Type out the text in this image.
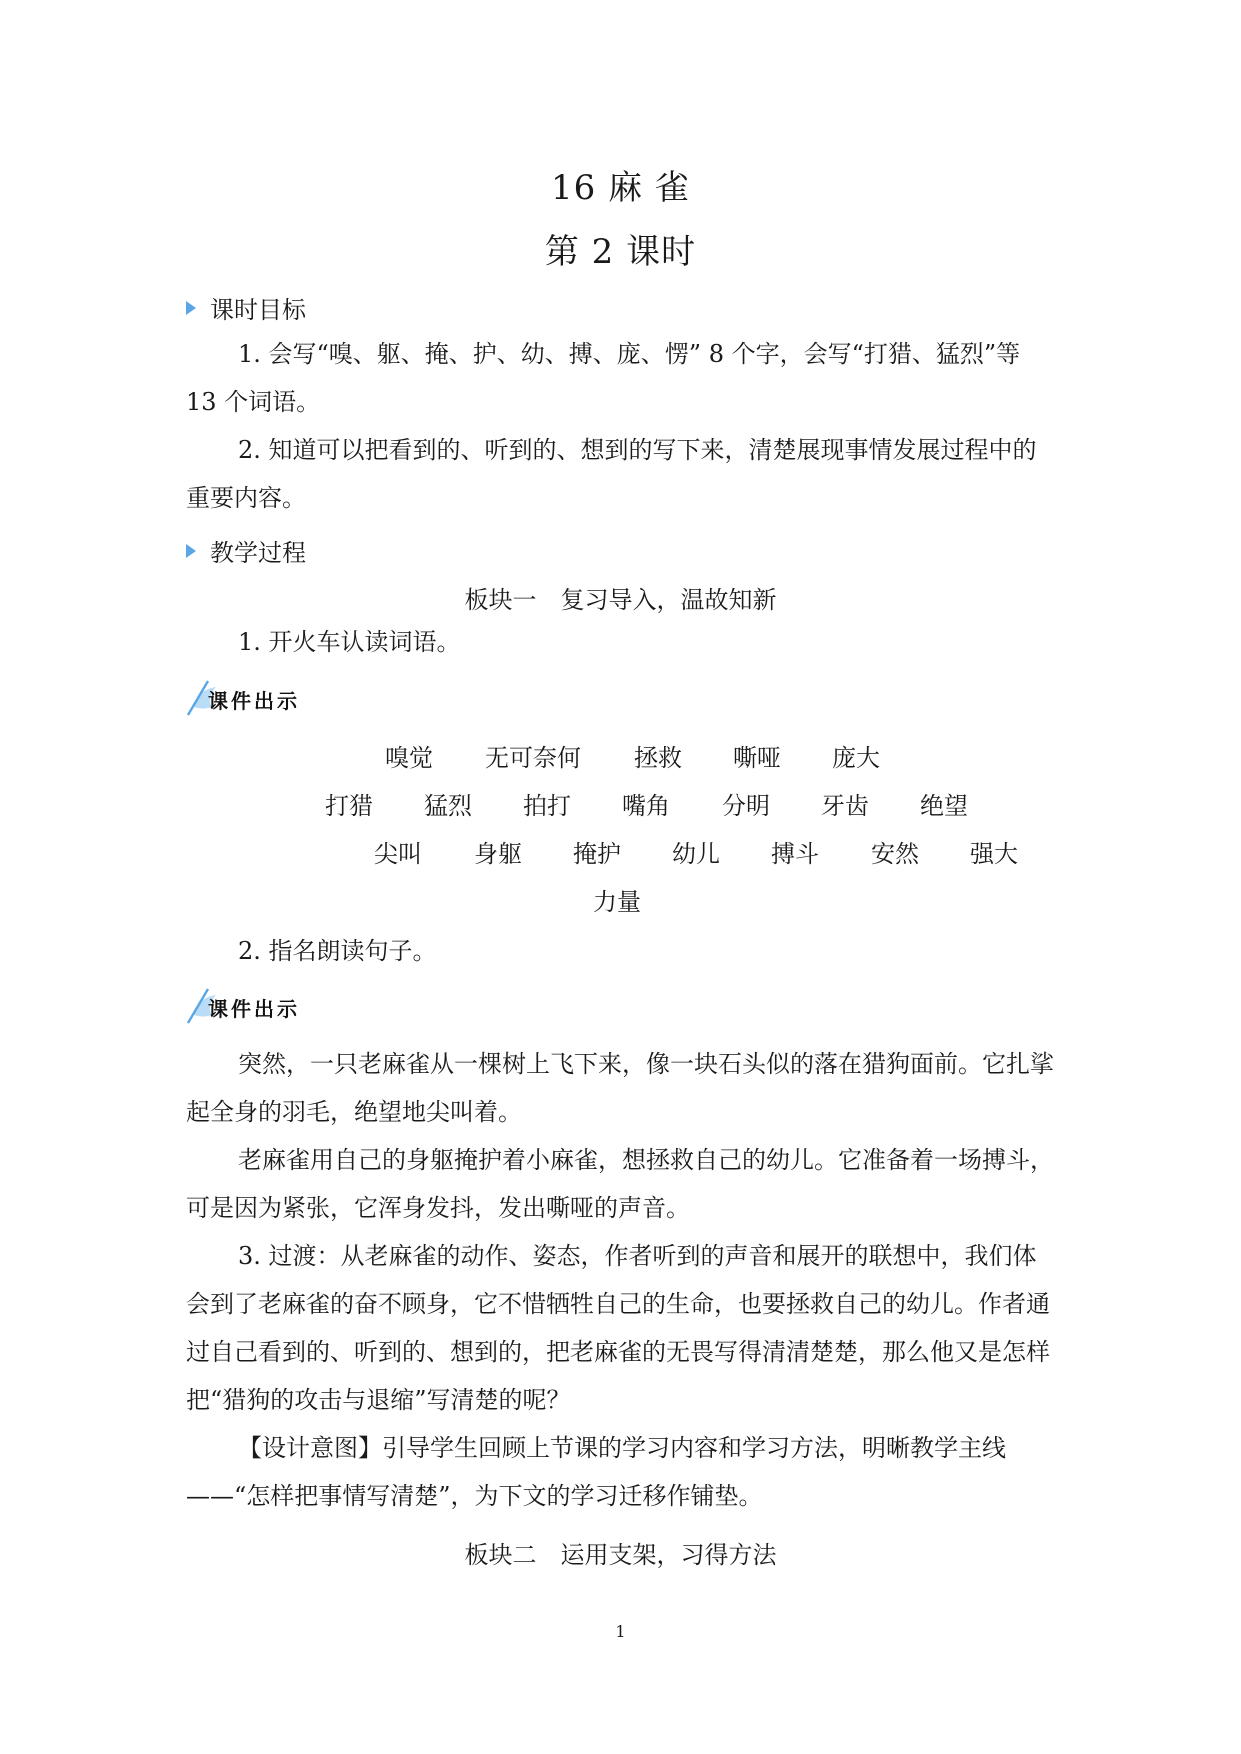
16 麻 雀
第 2 课时
课时目标

1. 会写“嗅、躯、掩、护、幼、搏、庞、愣” 8 个字，会写“打猎、猛烈”等 13 个词语。

2. 知道可以把看到的、听到的、想到的写下来，清楚展现事情发展过程中的重要内容。

教学过程
板块一　复习导入，温故知新

1. 开火车认读词语。

课件出示
嗅觉 无可奈何 拯救 嘶哑 庞大
打猎 猛烈 拍打 嘴角 分明 牙齿 绝望
尖叫 身躯 掩护 幼儿 搏斗 安然 强大
力量

2. 指名朗读句子。

课件出示

突然，一只老麻雀从一棵树上飞下来，像一块石头似的落在猎狗面前。它扎挲起全身的羽毛，绝望地尖叫着。

老麻雀用自己的身躯掩护着小麻雀，想拯救自己的幼儿。它准备着一场搏斗，可是因为紧张，它浑身发抖，发出嘶哑的声音。

3. 过渡：从老麻雀的动作、姿态，作者听到的声音和展开的联想中，我们体会到了老麻雀的奋不顾身，它不惜牺牲自己的生命，也要拯救自己的幼儿。作者通过自己看到的、听到的、想到的，把老麻雀的无畏写得清清楚楚，那么他又是怎样把“猎狗的攻击与退缩”写清楚的呢？

【设计意图】引导学生回顾上节课的学习内容和学习方法，明晰教学主线——“怎样把事情写清楚”，为下文的学习迁移作铺垫。

板块二　运用支架，习得方法
1
